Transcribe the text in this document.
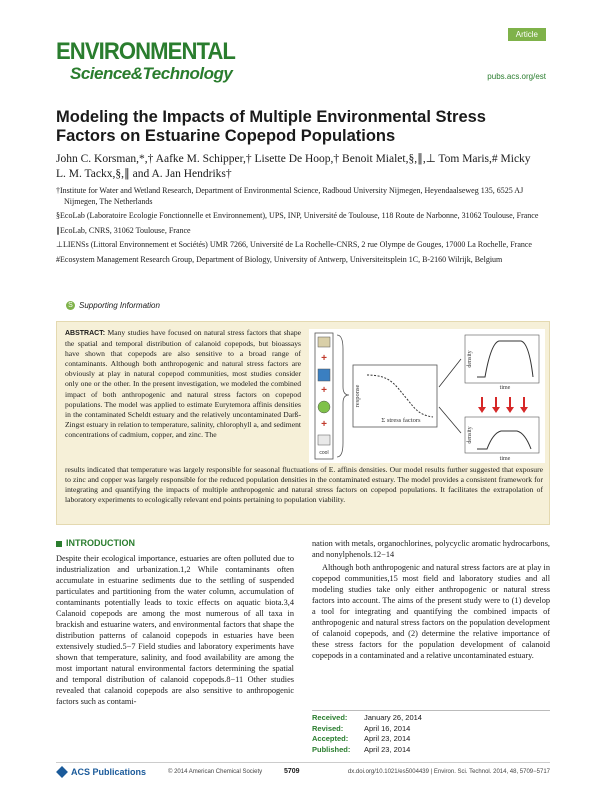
ENVIRONMENTAL
Science&Technology
Article
pubs.acs.org/est
Modeling the Impacts of Multiple Environmental Stress Factors on Estuarine Copepod Populations
John C. Korsman,*,† Aafke M. Schipper,† Lisette De Hoop,† Benoit Mialet,§,∥,⊥ Tom Maris,# Micky L. M. Tackx,§,∥ and A. Jan Hendriks†
†Institute for Water and Wetland Research, Department of Environmental Science, Radboud University Nijmegen, Heyendaalseweg 135, 6525 AJ Nijmegen, The Netherlands
§EcoLab (Laboratoire Ecologie Fonctionnelle et Environnement), UPS, INP, Université de Toulouse, 118 Route de Narbonne, 31062 Toulouse, France
∥EcoLab, CNRS, 31062 Toulouse, France
⊥LIENSs (Littoral Environnement et Sociétés) UMR 7266, Université de La Rochelle-CNRS, 2 rue Olympe de Gouges, 17000 La Rochelle, France
#Ecosystem Management Research Group, Department of Biology, University of Antwerp, Universiteitsplein 1C, B-2160 Wilrijk, Belgium
S Supporting Information
ABSTRACT: Many studies have focused on natural stress factors that shape the spatial and temporal distribution of calanoid copepods, but bioassays have shown that copepods are also sensitive to a broad range of contaminants. Although both anthropogenic and natural stress factors are obviously at play in natural copepod communities, most studies consider only one or the other. In the present investigation, we modeled the combined impact of both anthropogenic and natural stress factors on copepod populations. The model was applied to estimate Eurytemora affinis densities in the contaminated Scheldt estuary and the relatively uncontaminated Darß-Zingst estuary in relation to temperature, salinity, chlorophyll a, and sediment concentrations of cadmium, copper, and zinc. The
+
+
+
cool
response
Σ stress factors
density
time
density
time
results indicated that temperature was largely responsible for seasonal fluctuations of E. affinis densities. Our model results further suggested that exposure to zinc and copper was largely responsible for the reduced population densities in the contaminated estuary. The model provides a consistent framework for integrating and quantifying the impacts of multiple anthropogenic and natural stress factors on copepod populations. It facilitates the extrapolation of laboratory experiments to ecologically relevant end points pertaining to population viability.
INTRODUCTION

Despite their ecological importance, estuaries are often polluted due to industrialization and urbanization.1,2 While contaminants often accumulate in estuarine sediments due to the settling of suspended particulates and partitioning from the water column, accumulation of contaminants potentially leads to toxic effects on aquatic biota.3,4 Calanoid copepods are among the most numerous of all taxa in brackish and estuarine waters, and environmental factors that shape the distribution patterns of calanoid copepods in estuaries have been extensively studied.5−7 Field studies and laboratory experiments have shown that temperature, salinity, and food availability are among the most important natural environmental factors determining the spatial and temporal distribution of calanoid copepods.8−11 Other studies revealed that calanoid copepods are also sensitive to anthropogenic factors such as contami-

nation with metals, organochlorines, polycyclic aromatic hydrocarbons, and nonylphenols.12−14

Although both anthropogenic and natural stress factors are at play in copepod communities,15 most field and laboratory studies and all modeling studies take only either anthropogenic or natural stress factors into account. The aims of the present study were to (1) develop a tool for integrating and quantifying the combined impacts of anthropogenic and natural stress factors on the population development of calanoid copepods, and (2) determine the relative importance of these stress factors for the population development of calanoid copepods in a contaminated and a relative uncontaminated estuary.

Received: January 26, 2014
Revised:	April 16, 2014
Accepted: April 23, 2014
Published: April 23, 2014
ACS Publications	© 2014 American Chemical Society	5709	dx.doi.org/10.1021/es5004439 | Environ. Sci. Technol. 2014, 48, 5709−5717
